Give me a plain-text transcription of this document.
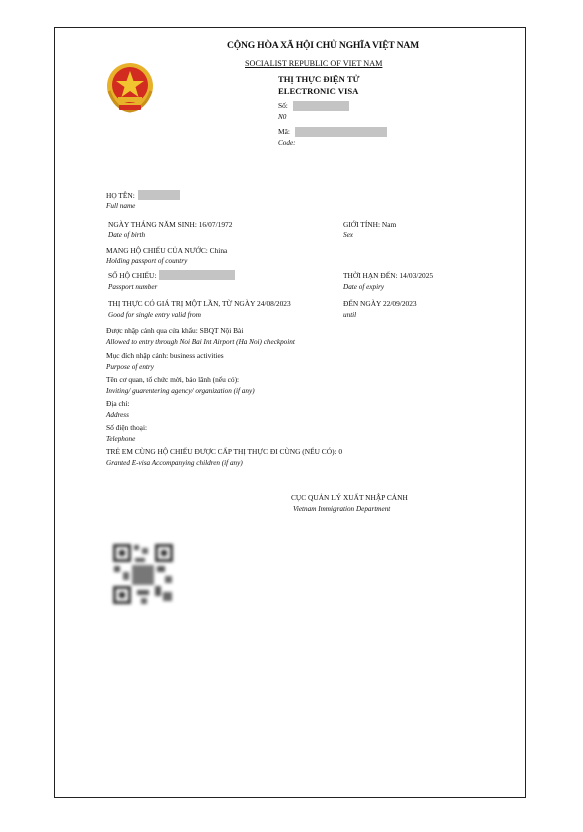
CỘNG HÒA XÃ HỘI CHỦ NGHĨA VIỆT NAM
SOCIALIST REPUBLIC OF VIET NAM
THỊ THỰC ĐIỆN TỬ
ELECTRONIC VISA
Số:
N0
Mã:
Code:
HỌ TÊN:
Full name
NGÀY THÁNG NĂM SINH: 16/07/1972
Date of birth
GIỚI TÍNH: Nam
Sex
MANG HỘ CHIẾU CỦA NƯỚC: China
Holding passport of country
SỐ HỘ CHIẾU:
Passport number
THỜI HẠN ĐẾN: 14/03/2025
Date of expiry
THỊ THỰC CÓ GIÁ TRỊ MỘT LẦN, TỪ NGÀY 24/08/2023
Good for single entry valid from
ĐẾN NGÀY 22/09/2023
until
Được nhập cảnh qua cửa khẩu: SBQT Nội Bài
Allowed to entry through Noi Bai Int Airport (Ha Noi) checkpoint
Mục đích nhập cảnh: business activities
Purpose of entry
Tên cơ quan, tổ chức mời, bảo lãnh (nếu có):
Inviting/ guarentering agency/ organization (if any)
Địa chỉ:
Address
Số điện thoại:
Telephone
TRẺ EM CÙNG HỘ CHIẾU ĐƯỢC CẤP THỊ THỰC ĐI CÙNG (NẾU CÓ): 0
Granted E-visa Accompanying children (if any)
CỤC QUẢN LÝ XUẤT NHẬP CẢNH
Vietnam Immigration Department
